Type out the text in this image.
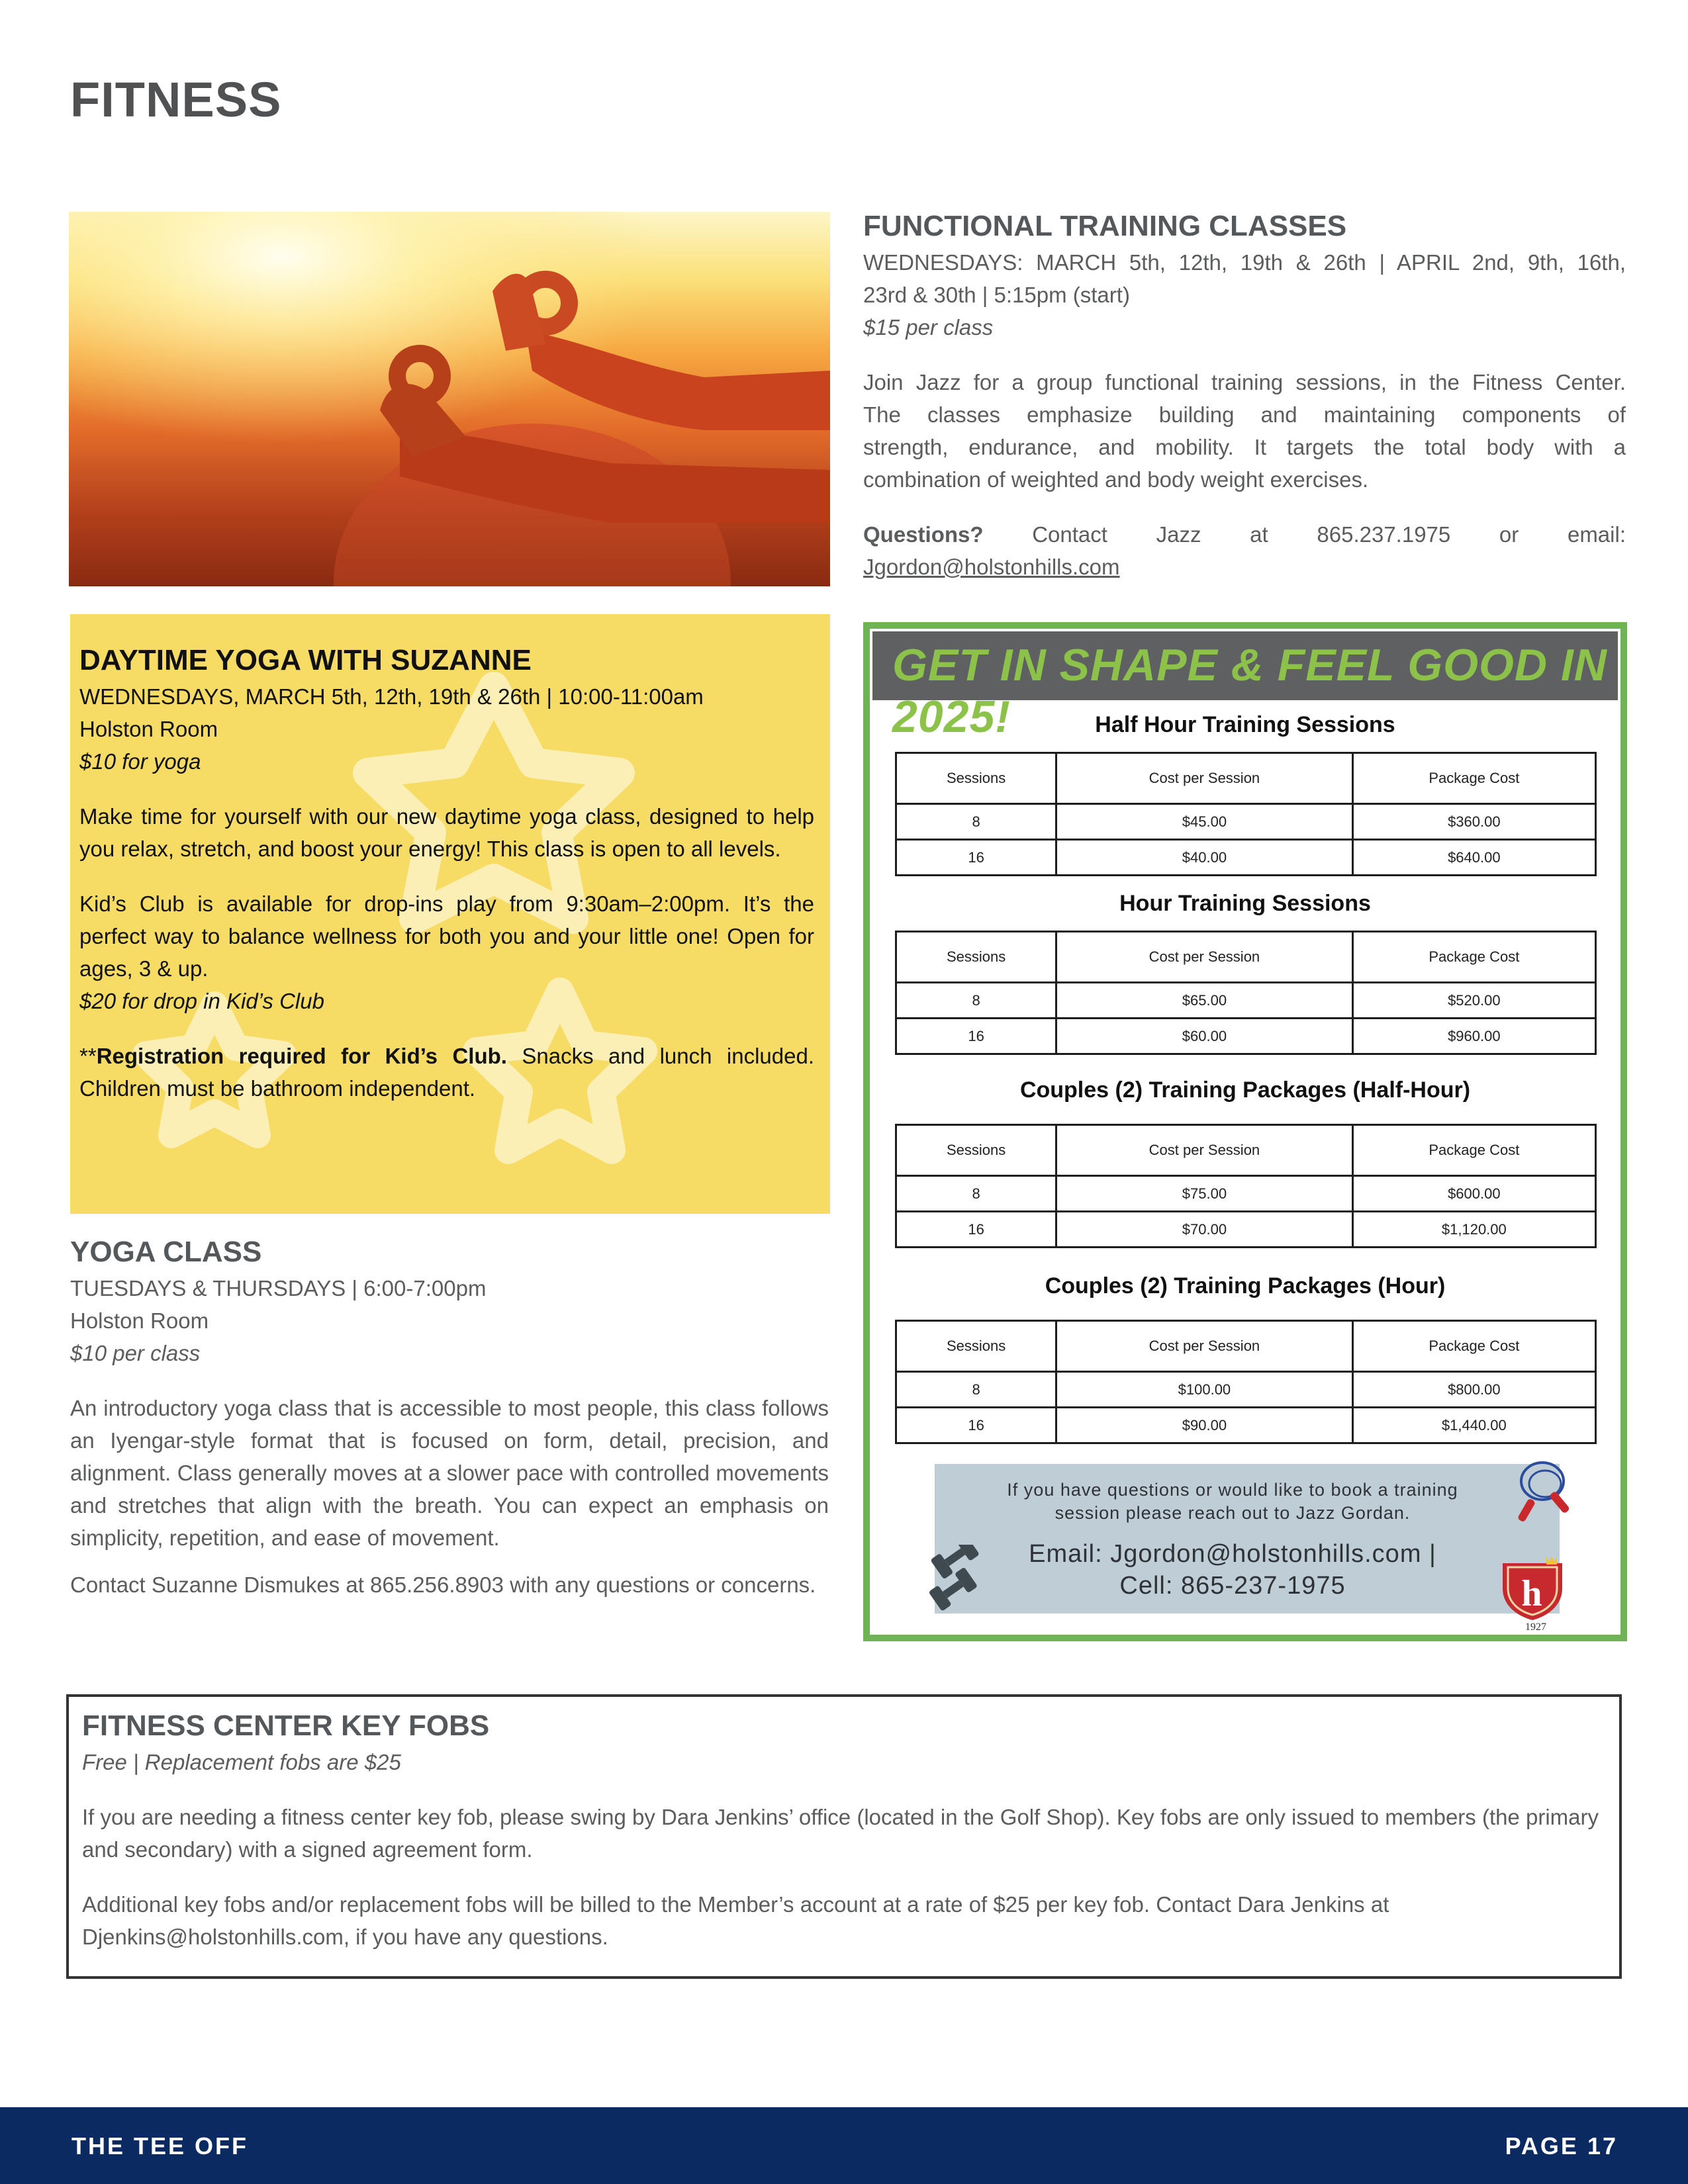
FITNESS
FUNCTIONAL TRAINING CLASSES

WEDNESDAYS: MARCH 5th, 12th, 19th & 26th | APRIL 2nd, 9th, 16th,

23rd & 30th | 5:15pm (start)

$15 per class

Join Jazz for a group functional training sessions, in the Fitness Center.

The classes emphasize building and maintaining components of

strength, endurance, and mobility. It targets the total body with a

combination of weighted and body weight exercises.

Questions? Contact Jazz at 865.237.1975 or email:

Jgordon@holstonhills.com

DAYTIME YOGA WITH SUZANNE

WEDNESDAYS, MARCH 5th, 12th, 19th & 26th | 10:00-11:00am

Holston Room

$10 for yoga

Make time for yourself with our new daytime yoga class, designed to help you relax, stretch, and boost your energy! This class is open to all levels.

Kid’s Club is available for drop-ins play from 9:30am–2:00pm. It’s the perfect way to balance wellness for both you and your little one! Open for ages, 3 & up.

$20 for drop in Kid’s Club

**Registration required for Kid’s Club. Snacks and lunch included. Children must be bathroom independent.

YOGA CLASS

TUESDAYS & THURSDAYS | 6:00-7:00pm

Holston Room

$10 per class

An introductory yoga class that is accessible to most people, this class follows an Iyengar-style format that is focused on form, detail, precision, and alignment. Class generally moves at a slower pace with controlled movements and stretches that align with the breath. You can expect an emphasis on simplicity, repetition, and ease of movement.

Contact Suzanne Dismukes at 865.256.8903 with any questions or concerns.

GET IN SHAPE & FEEL GOOD IN 2025!	Half Hour Training Sessions
Sessions	Cost per Session	Package Cost
8	$45.00	$360.00
16	$40.00	$640.00
Hour Training Sessions
Sessions	Cost per Session	Package Cost
8	$65.00	$520.00
16	$60.00	$960.00
Couples (2) Training Packages (Half-Hour)
Sessions	Cost per Session	Package Cost
8	$75.00	$600.00
16	$70.00	$1,120.00
Couples (2) Training Packages (Hour)
Sessions	Cost per Session	Package Cost
8	$100.00	$800.00
16	$90.00	$1,440.00
If you have questions or would like to book a training session please reach out to Jazz Gordan.
Email: Jgordon@holstonhills.com |
Cell: 865-237-1975	h
1927
FITNESS CENTER KEY FOBS

Free | Replacement fobs are $25

If you are needing a fitness center key fob, please swing by Dara Jenkins’ office (located in the Golf Shop). Key fobs are only issued to members (the primary and secondary) with a signed agreement form.

Additional key fobs and/or replacement fobs will be billed to the Member’s account at a rate of $25 per key fob. Contact Dara Jenkins at Djenkins@holstonhills.com, if you have any questions.

THE TEE OFF	PAGE 17
